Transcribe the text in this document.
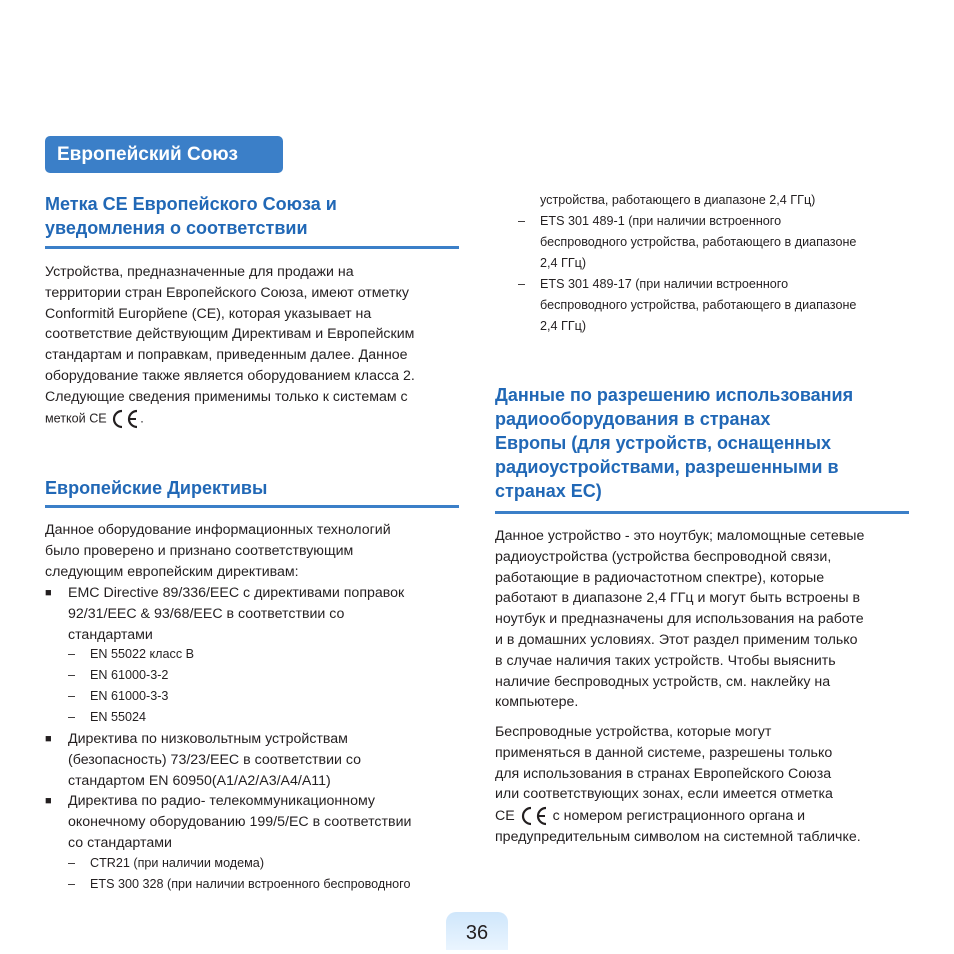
Европейский Союз
Метка CE Европейского Союза и
уведомления о соответствии
Устройства, предназначенные для продажи на
территории стран Европейского Союза, имеют отметку
Conformitй Europйene (CE), которая указывает на
соответствие действующим Директивам и Европейским
стандартам и поправкам, приведенным далее. Данное
оборудование также является оборудованием класса 2.
Следующие сведения применимы только к системам с
меткой CE	.
Европейские Директивы
Данное оборудование информационных технологий
было проверено и признано соответствующим
следующим европейским директивам:
■ EMC Directive 89/336/EEC с директивами поправок
92/31/EEC & 93/68/EEC в соответствии со
стандартами
– EN 55022 класс B
– EN 61000-3-2
– EN 61000-3-3
– EN 55024
■ Директива по низковольтным устройствам
(безопасность) 73/23/EEC в соответствии со
стандартом EN 60950(A1/A2/A3/A4/A11)
■ Директива по радио- телекоммуникационному
оконечному оборудованию 199/5/EC в соответствии
со стандартами
– CTR21 (при наличии модема)
– ETS 300 328 (при наличии встроенного беспроводного
устройства, работающего в диапазоне 2,4 ГГц)
– ETS 301 489-1 (при наличии встроенного
беспроводного устройства, работающего в диапазоне
2,4 ГГц)
– ETS 301 489-17 (при наличии встроенного
беспроводного устройства, работающего в диапазоне
2,4 ГГц)
Данные по разрешению использования
радиооборудования в странах
Европы (для устройств, оснащенных
радиоустройствами, разрешенными в
странах ЕС)
Данное устройство - это ноутбук; маломощные сетевые
радиоустройства (устройства беспроводной связи,
работающие в радиочастотном спектре), которые
работают в диапазоне 2,4 ГГц и могут быть встроены в
ноутбук и предназначены для использования на работе
и в домашних условиях. Этот раздел применим только
в случае наличия таких устройств. Чтобы выяснить
наличие беспроводных устройств, см. наклейку на
компьютере.
Беспроводные устройства, которые могут
применяться в данной системе, разрешены только
для использования в странах Европейского Союза
или соответствующих зонах, если имеется отметка
CE	с номером регистрационного органа и
предупредительным символом на системной табличке.
36
